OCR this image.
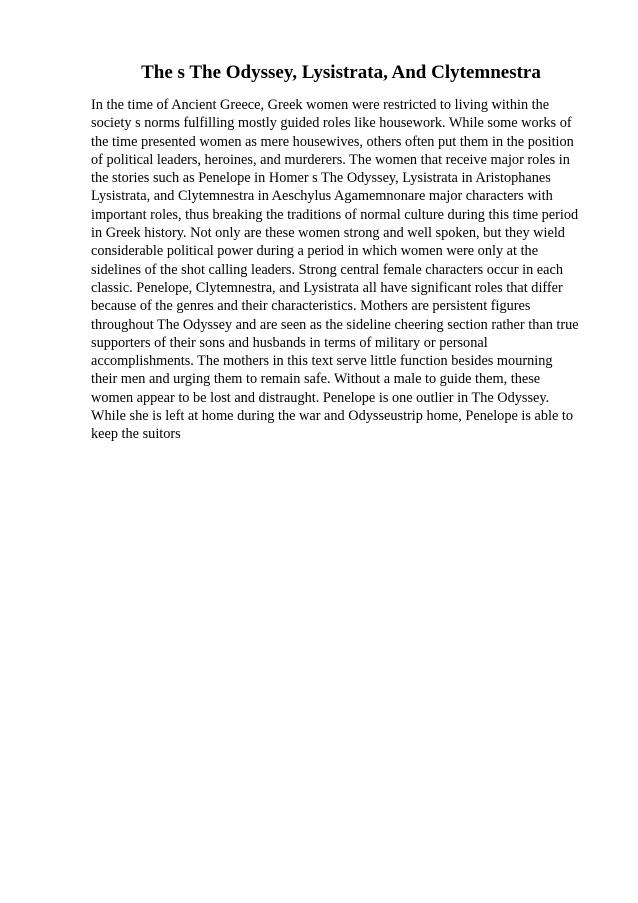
The s The Odyssey, Lysistrata, And Clytemnestra
In the time of Ancient Greece, Greek women were restricted to living within the
society s norms fulfilling mostly guided roles like housework. While some works of
the time presented women as mere housewives, others often put them in the position
of political leaders, heroines, and murderers. The women that receive major roles in
the stories such as Penelope in Homer s The Odyssey, Lysistrata in Aristophanes
Lysistrata, and Clytemnestra in Aeschylus Agamemnonare major characters with
important roles, thus breaking the traditions of normal culture during this time period
in Greek history. Not only are these women strong and well spoken, but they wield
considerable political power during a period in which women were only at the
sidelines of the shot calling leaders. Strong central female characters occur in each
classic. Penelope, Clytemnestra, and Lysistrata all have significant roles that differ
because of the genres and their characteristics. Mothers are persistent figures
throughout The Odyssey and are seen as the sideline cheering section rather than true
supporters of their sons and husbands in terms of military or personal
accomplishments. The mothers in this text serve little function besides mourning
their men and urging them to remain safe. Without a male to guide them, these
women appear to be lost and distraught. Penelope is one outlier in The Odyssey.
While she is left at home during the war and Odysseustrip home, Penelope is able to
keep the suitors
